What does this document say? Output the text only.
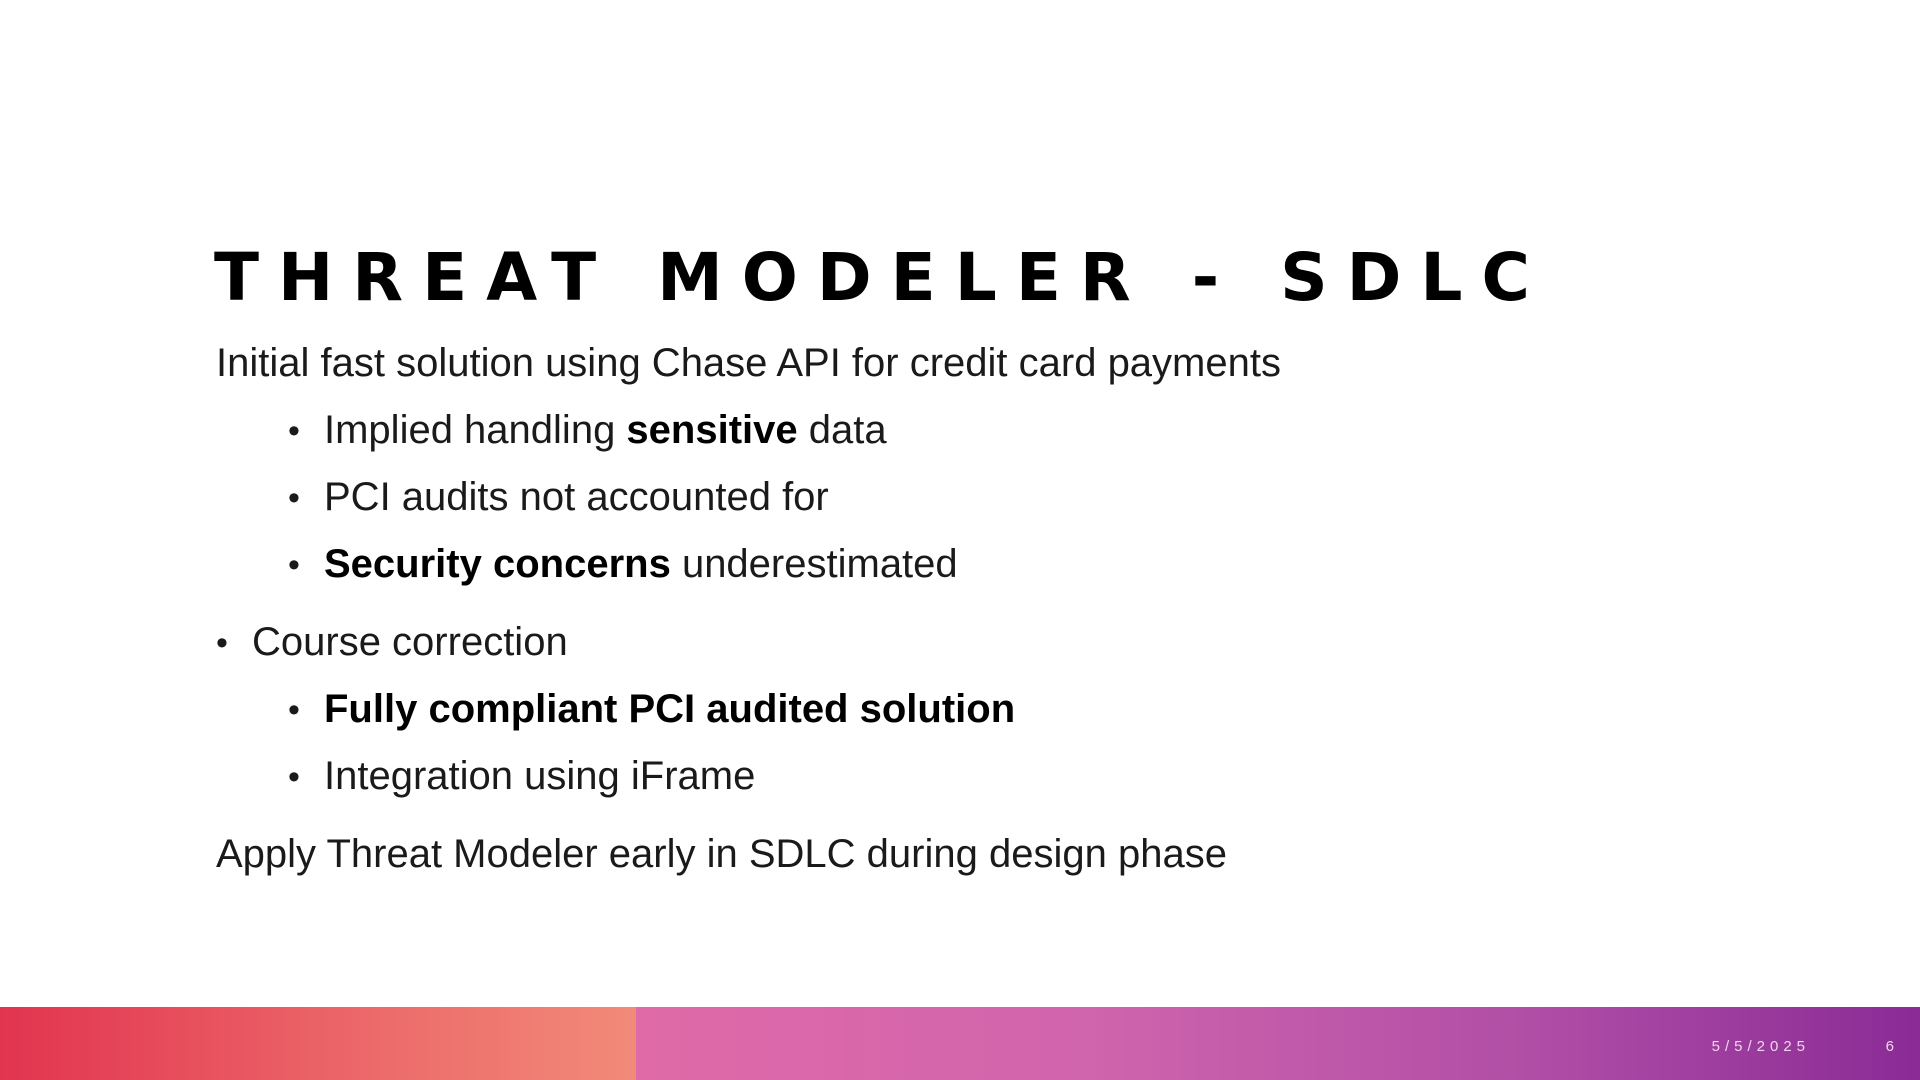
THREAT MODELER - SDLC
Initial fast solution using Chase API for credit card payments
• Implied handling sensitive data
• PCI audits not accounted for
• Security concerns underestimated
• Course correction
• Fully compliant PCI audited solution
• Integration using iFrame
Apply Threat Modeler early in SDLC during design phase
5/5/2025	6
